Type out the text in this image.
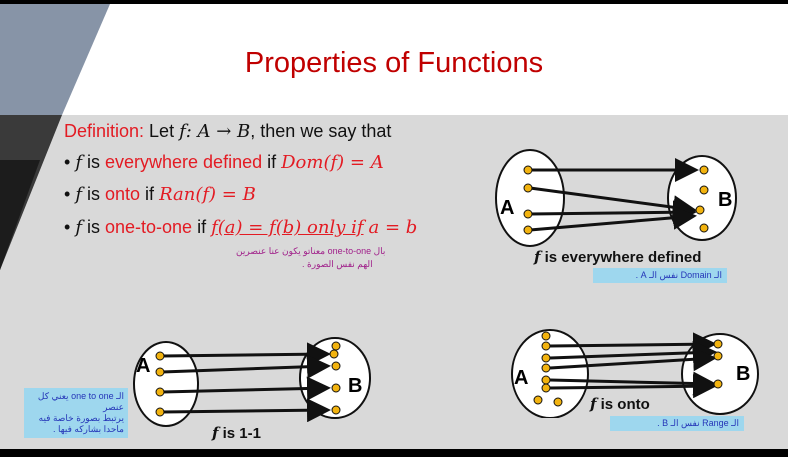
Properties of Functions
Definition: Let f: A → B, then we say that
• f is everywhere defined if Dom(f) = A
• f is onto if Ran(f) = B
• f is one-to-one if f(a) = f(b) only if a = b
بال one-to-one معناتو يكون عنا عنصرين
الهم نفس الصورة .
A	B
f is everywhere defined
الـ Domain نفس الـ A .
A
B
f is 1-1
الـ one to one يعني كل عنصر
يرتبط بصورة خاصة فيه
ماحدا بشاركه فيها .
A	B
f is onto
الـ Range نفس الـ B .
